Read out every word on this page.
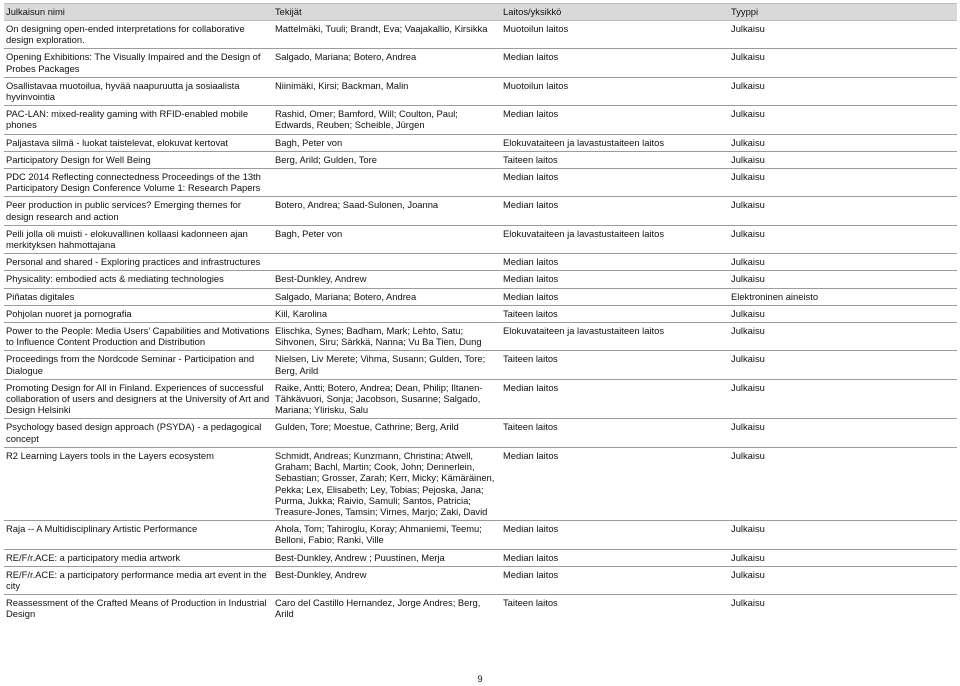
Julkaisun nimi	Tekijät	Laitos/yksikkö	Tyyppi
On designing open-ended interpretations for collaborative design exploration.	Mattelmäki, Tuuli; Brandt, Eva; Vaajakallio, Kirsikka	Muotoilun laitos	Julkaisu
Opening Exhibitions: The Visually Impaired and the Design of Probes Packages	Salgado, Mariana; Botero, Andrea	Median laitos	Julkaisu
Osallistavaa muotoilua, hyvää naapuruutta ja sosiaalista hyvinvointia	Niinimäki, Kirsi; Backman, Malin	Muotoilun laitos	Julkaisu
PAC-LAN: mixed-reality gaming with RFID-enabled mobile phones	Rashid, Omer; Bamford, Will; Coulton, Paul; Edwards, Reuben; Scheible, Jürgen	Median laitos	Julkaisu
Paljastava silmä - luokat taistelevat, elokuvat kertovat	Bagh, Peter von	Elokuvataiteen ja lavastustaiteen laitos	Julkaisu
Participatory Design for Well Being	Berg, Arild; Gulden, Tore	Taiteen laitos	Julkaisu
PDC 2014 Reflecting connectedness Proceedings of the 13th Participatory Design Conference Volume 1: Research Papers		Median laitos	Julkaisu
Peer production in public services? Emerging themes for design research and action	Botero, Andrea; Saad-Sulonen, Joanna	Median laitos	Julkaisu
Peili jolla oli muisti - elokuvallinen kollaasi kadonneen ajan merkityksen hahmottajana	Bagh, Peter von	Elokuvataiteen ja lavastustaiteen laitos	Julkaisu
Personal and shared - Exploring practices and infrastructures		Median laitos	Julkaisu
Physicality: embodied acts & mediating technologies	Best-Dunkley, Andrew	Median laitos	Julkaisu
Piñatas digitales	Salgado, Mariana; Botero, Andrea	Median laitos	Elektroninen aineisto
Pohjolan nuoret ja pornografia	Kiil, Karolina	Taiteen laitos	Julkaisu
Power to the People: Media Users’ Capabilities and Motivations to Influence Content Production and Distribution	Elischka, Synes; Badham, Mark; Lehto, Satu; Sihvonen, Siru; Särkkä, Nanna; Vu Ba Tien, Dung	Elokuvataiteen ja lavastustaiteen laitos	Julkaisu
Proceedings from the Nordcode Seminar - Participation and Dialogue	Nielsen, Liv Merete; Vihma, Susann; Gulden, Tore; Berg, Arild	Taiteen laitos	Julkaisu
Promoting Design for All in Finland. Experiences of successful collaboration of users and designers at the University of Art and Design Helsinki	Raike, Antti; Botero, Andrea; Dean, Philip; Iltanen-Tähkävuori, Sonja; Jacobson, Susanne; Salgado, Mariana; Ylirisku, Salu	Median laitos	Julkaisu
Psychology based design approach (PSYDA) - a pedagogical concept	Gulden, Tore; Moestue, Cathrine; Berg, Arild	Taiteen laitos	Julkaisu
R2 Learning Layers tools in the Layers ecosystem	Schmidt, Andreas; Kunzmann, Christina; Atwell, Graham; Bachl, Martin; Cook, John; Dennerlein, Sebastian; Grosser, Zarah; Kerr, Micky; Kämäräinen, Pekka; Lex, Elisabeth; Ley, Tobias; Pejoska, Jana; Purma, Jukka; Raivio, Samuli; Santos, Patricia; Treasure-Jones, Tamsin; Virnes, Marjo; Zaki, David	Median laitos	Julkaisu
Raja -- A Multidisciplinary Artistic Performance	Ahola, Tom; Tahiroglu, Koray; Ahmaniemi, Teemu; Belloni, Fabio; Ranki, Ville	Median laitos	Julkaisu
RE/F/r.ACE: a participatory media artwork	Best-Dunkley, Andrew ; Puustinen, Merja	Median laitos	Julkaisu
RE/F/r.ACE: a participatory performance media art event in the city	Best-Dunkley, Andrew	Median laitos	Julkaisu
Reassessment of the Crafted Means of Production in Industrial Design	Caro del Castillo Hernandez, Jorge Andres; Berg, Arild	Taiteen laitos	Julkaisu
9
